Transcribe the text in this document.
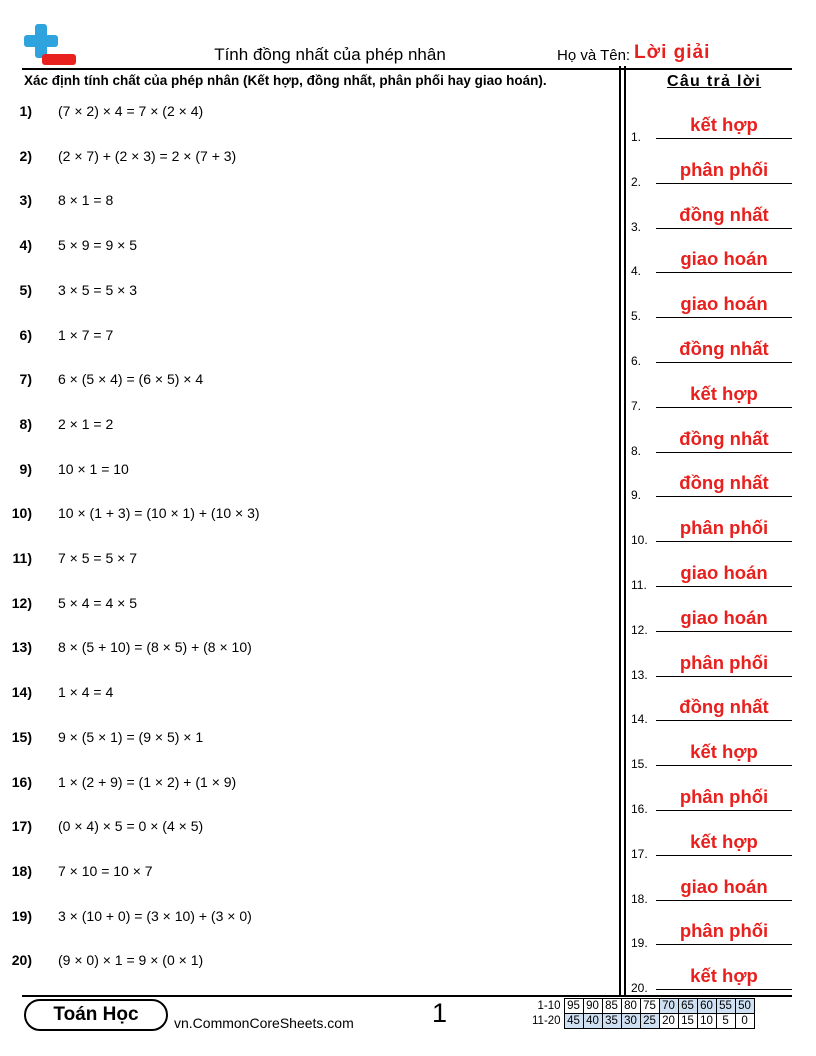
Tính đồng nhất của phép nhân	Họ và Tên: Lời giải
Xác định tính chất của phép nhân (Kết hợp, đồng nhất, phân phối hay giao hoán).
1) (7 × 2) × 4 = 7 × (2 × 4)
2) (2 × 7) + (2 × 3) = 2 × (7 + 3)
3) 8 × 1 = 8
4) 5 × 9 = 9 × 5
5) 3 × 5 = 5 × 3
6) 1 × 7 = 7
7) 6 × (5 × 4) = (6 × 5) × 4
8) 2 × 1 = 2
9) 10 × 1 = 10
10) 10 × (1 + 3) = (10 × 1) + (10 × 3)
11) 7 × 5 = 5 × 7
12) 5 × 4 = 4 × 5
13) 8 × (5 + 10) = (8 × 5) + (8 × 10)
14) 1 × 4 = 4
15) 9 × (5 × 1) = (9 × 5) × 1
16) 1 × (2 + 9) = (1 × 2) + (1 × 9)
17) (0 × 4) × 5 = 0 × (4 × 5)
18) 7 × 10 = 10 × 7
19) 3 × (10 + 0) = (3 × 10) + (3 × 0)
20) (9 × 0) × 1 = 9 × (0 × 1)
Câu trả lời
1.
kết hợp
2.
phân phối
3.
đồng nhất
4.
giao hoán
5.
giao hoán
6.
đồng nhất
7.
kết hợp
8.
đồng nhất
9.
đồng nhất
10.
phân phối
11.
giao hoán
12.
giao hoán
13.
phân phối
14.
đồng nhất
15.
kết hợp
16.
phân phối
17.
kết hợp
18.
giao hoán
19.
phân phối
20.
kết hợp
Toán Học	vn.CommonCoreSheets.com	1	1-10	95	90	85	80	75	70	65	60	55	50
11-20	45	40	35	30	25	20	15	10	5	0
